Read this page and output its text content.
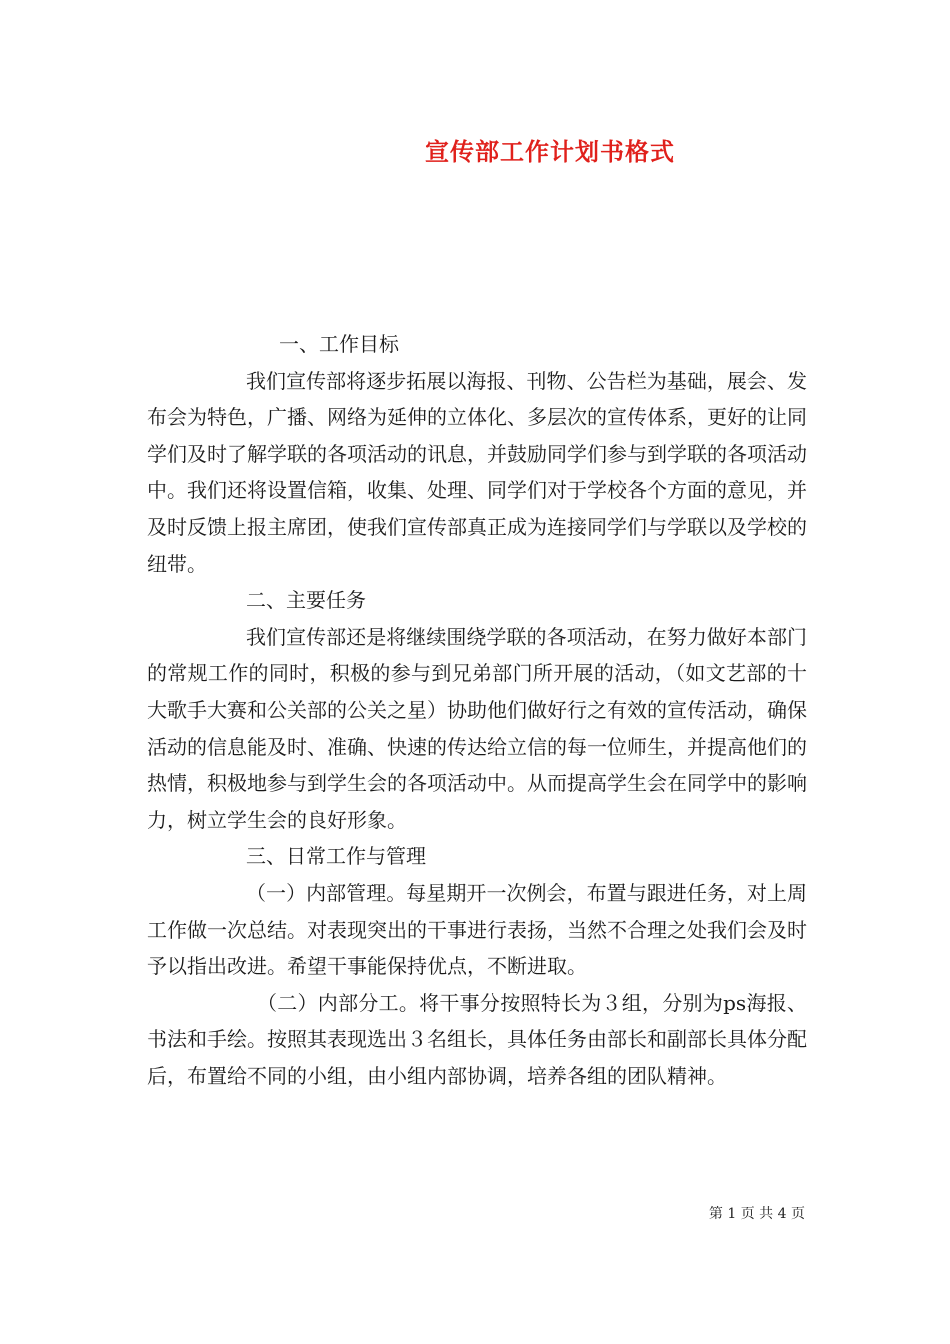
宣传部工作计划书格式
一、工作目标

我们宣传部将逐步拓展以海报、刊物、公告栏为基础，展会、发布会为特色，广播、网络为延伸的立体化、多层次的宣传体系，更好的让同学们及时了解学联的各项活动的讯息，并鼓励同学们参与到学联的各项活动中。我们还将设置信箱，收集、处理、同学们对于学校各个方面的意见，并及时反馈上报主席团，使我们宣传部真正成为连接同学们与学联以及学校的纽带。

二、主要任务

我们宣传部还是将继续围绕学联的各项活动，在努力做好本部门的常规工作的同时，积极的参与到兄弟部门所开展的活动，（如文艺部的十大歌手大赛和公关部的公关之星）协助他们做好行之有效的宣传活动，确保活动的信息能及时、准确、快速的传达给立信的每一位师生，并提高他们的热情，积极地参与到学生会的各项活动中。从而提高学生会在同学中的影响力，树立学生会的良好形象。

三、日常工作与管理

（一）内部管理。每星期开一次例会，布置与跟进任务，对上周工作做一次总结。对表现突出的干事进行表扬，当然不合理之处我们会及时予以指出改进。希望干事能保持优点，不断进取。

（二）内部分工。将干事分按照特长为３组，分别为ps海报、书法和手绘。按照其表现选出３名组长，具体任务由部长和副部长具体分配后，布置给不同的小组，由小组内部协调，培养各组的团队精神。

第 1 页 共 4 页
